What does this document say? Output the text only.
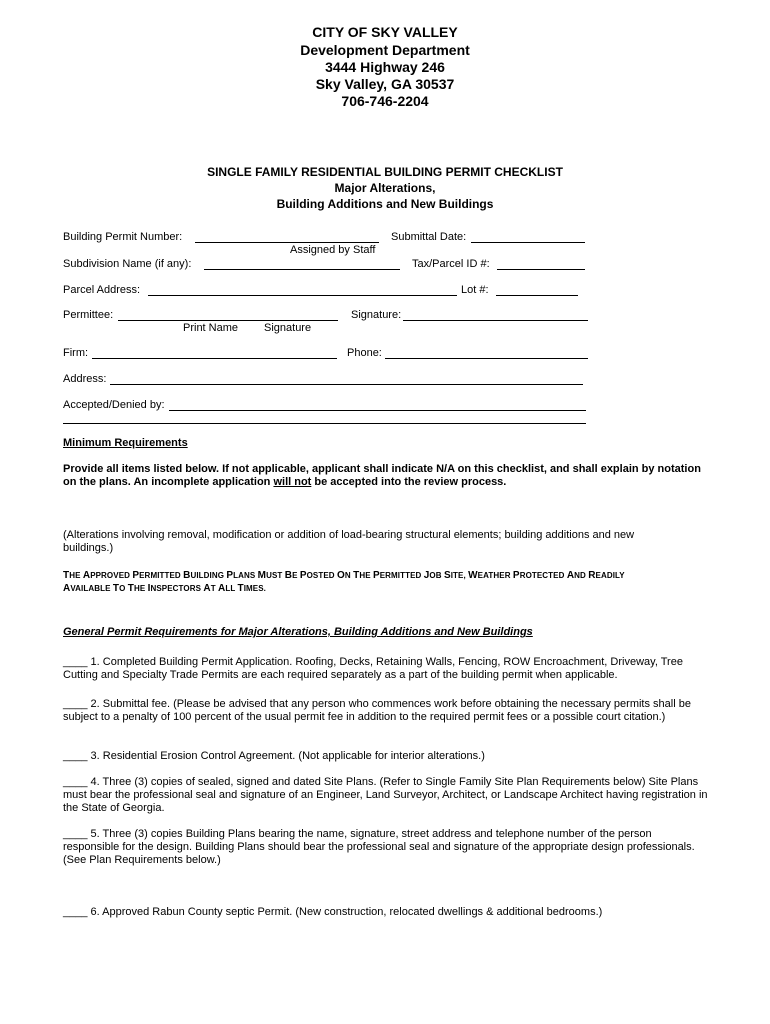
CITY OF SKY VALLEY
Development Department
3444 Highway 246
Sky Valley, GA 30537
706-746-2204
SINGLE FAMILY RESIDENTIAL BUILDING PERMIT CHECKLIST
Major Alterations,
Building Additions and New Buildings
Building Permit Number:
Assigned by Staff
Submittal Date:
Subdivision Name (if any):	Tax/Parcel ID #:
Parcel Address:	Lot #:
Permittee:	Signature:
Print Name Signature
Firm:	Phone:
Address:
Accepted/Denied by:
Minimum Requirements
Provide all items listed below. If not applicable, applicant shall indicate N/A on this checklist, and shall explain by notation on the plans. An incomplete application will not be accepted into the review process.
(Alterations involving removal, modification or addition of load-bearing structural elements; building additions and new buildings.)
THE APPROVED PERMITTED BUILDING PLANS MUST BE POSTED ON THE PERMITTED JOB SITE, WEATHER PROTECTED AND READILY
AVAILABLE TO THE INSPECTORS AT ALL TIMES.
General Permit Requirements for Major Alterations, Building Additions and New Buildings
____ 1. Completed Building Permit Application. Roofing, Decks, Retaining Walls, Fencing, ROW Encroachment, Driveway, Tree Cutting and Specialty Trade Permits are each required separately as a part of the building permit when applicable.
____ 2. Submittal fee. (Please be advised that any person who commences work before obtaining the necessary permits shall be subject to a penalty of 100 percent of the usual permit fee in addition to the required permit fees or a possible court citation.)
____ 3. Residential Erosion Control Agreement. (Not applicable for interior alterations.)
____ 4. Three (3) copies of sealed, signed and dated Site Plans. (Refer to Single Family Site Plan Requirements below) Site Plans must bear the professional seal and signature of an Engineer, Land Surveyor, Architect, or Landscape Architect having registration in the State of Georgia.
____ 5. Three (3) copies Building Plans bearing the name, signature, street address and telephone number of the person responsible for the design. Building Plans should bear the professional seal and signature of the appropriate design professionals. (See Plan Requirements below.)
____ 6. Approved Rabun County septic Permit. (New construction, relocated dwellings & additional bedrooms.)
